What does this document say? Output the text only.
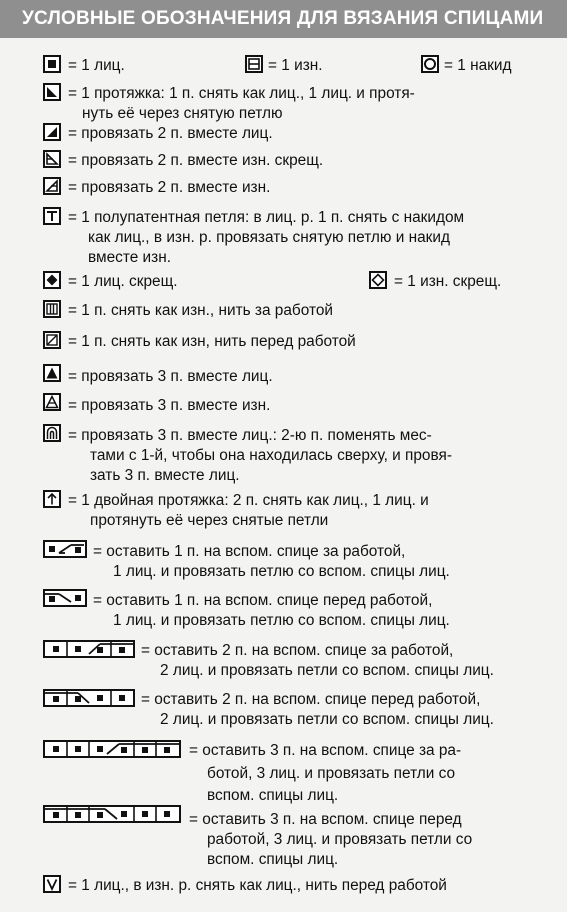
УСЛОВНЫЕ ОБОЗНАЧЕНИЯ ДЛЯ ВЯЗАНИЯ СПИЦАМИ
= 1 лиц.	= 1 изн.	= 1 накид
= 1 протяжка: 1 п. снять как лиц., 1 лиц. и протя-
нуть её через снятую петлю
= провязать 2 п. вместе лиц.
= провязать 2 п. вместе изн. скрещ.
= провязать 2 п. вместе изн.
= 1 полупатентная петля: в лиц. р. 1 п. снять с накидом
как лиц., в изн. р. провязать снятую петлю и накид
вместе изн.
= 1 лиц. скрещ.	= 1 изн. скрещ.
= 1 п. снять как изн., нить за работой
= 1 п. снять как изн, нить перед работой
= провязать 3 п. вместе лиц.
= провязать 3 п. вместе изн.
= провязать 3 п. вместе лиц.: 2-ю п. поменять мес-
тами с 1-й, чтобы она находилась сверху, и провя-
зать 3 п. вместе лиц.
= 1 двойная протяжка: 2 п. снять как лиц., 1 лиц. и
протянуть её через снятые петли
= оставить 1 п. на вспом. спице за работой,
1 лиц. и провязать петлю со вспом. спицы лиц.
= оставить 1 п. на вспом. спице перед работой,
1 лиц. и провязать петлю со вспом. спицы лиц.
= оставить 2 п. на вспом. спице за работой,
2 лиц. и провязать петли со вспом. спицы лиц.
= оставить 2 п. на вспом. спице перед работой,
2 лиц. и провязать петли со вспом. спицы лиц.
= оставить 3 п. на вспом. спице за ра-
ботой, 3 лиц. и провязать петли со
вспом. спицы лиц.
= оставить 3 п. на вспом. спице перед
работой, 3 лиц. и провязать петли со
вспом. спицы лиц.
= 1 лиц., в изн. р. снять как лиц., нить перед работой
